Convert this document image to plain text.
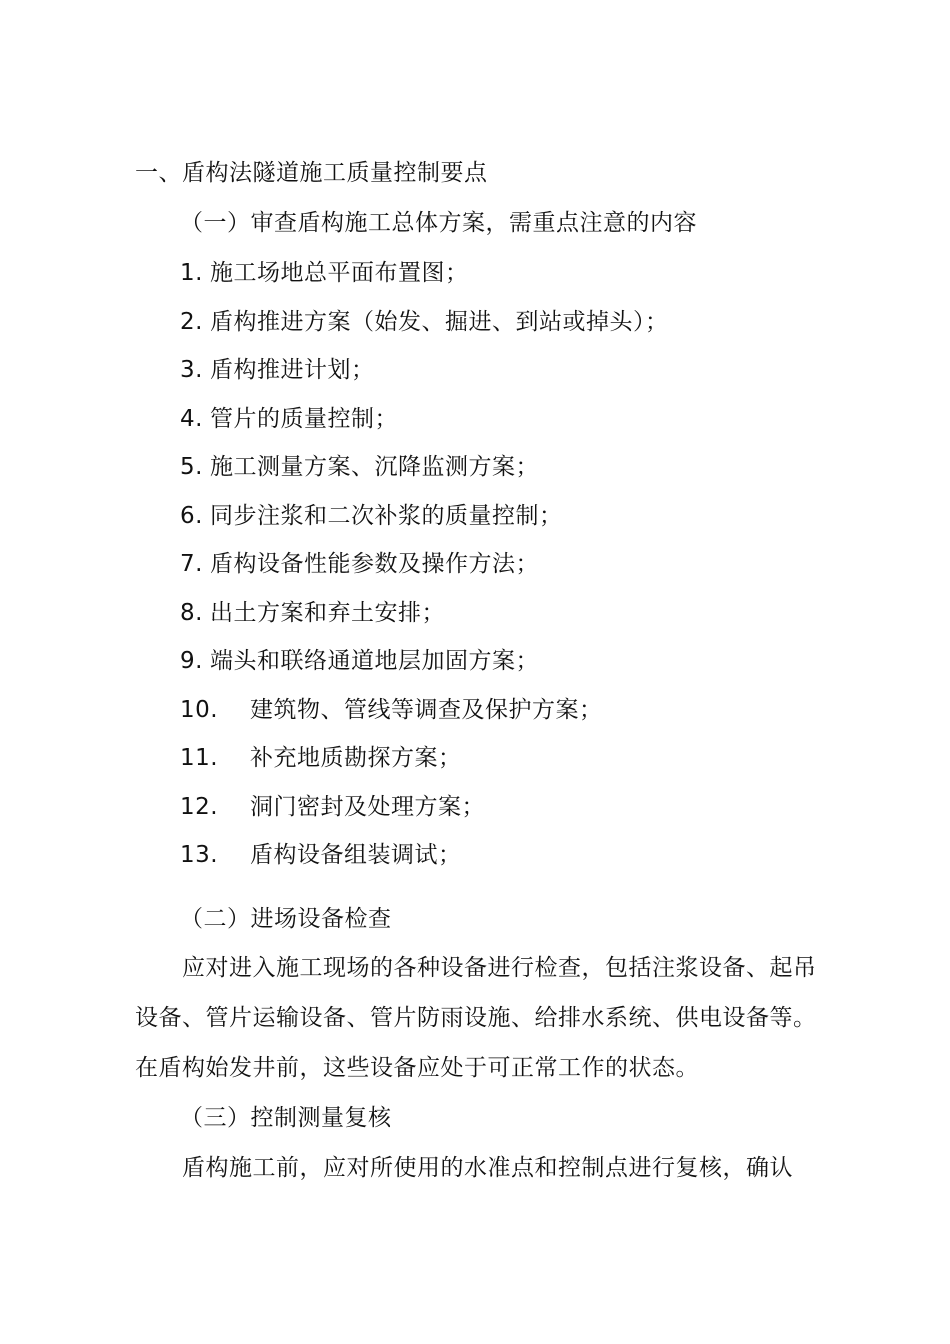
一、盾构法隧道施工质量控制要点
（一）审查盾构施工总体方案，需重点注意的内容
1. 施工场地总平面布置图；
2. 盾构推进方案（始发、掘进、到站或掉头）；
3. 盾构推进计划；
4. 管片的质量控制；
5. 施工测量方案、沉降监测方案；
6. 同步注浆和二次补浆的质量控制；
7. 盾构设备性能参数及操作方法；
8. 出土方案和弃土安排；
9. 端头和联络通道地层加固方案；
10. 建筑物、管线等调查及保护方案；
11. 补充地质勘探方案；
12. 洞门密封及处理方案；
13. 盾构设备组装调试；
（二）进场设备检查
应对进入施工现场的各种设备进行检查，包括注浆设备、起吊
设备、管片运输设备、管片防雨设施、给排水系统、供电设备等。
在盾构始发井前，这些设备应处于可正常工作的状态。
（三）控制测量复核
盾构施工前，应对所使用的水准点和控制点进行复核，确认
